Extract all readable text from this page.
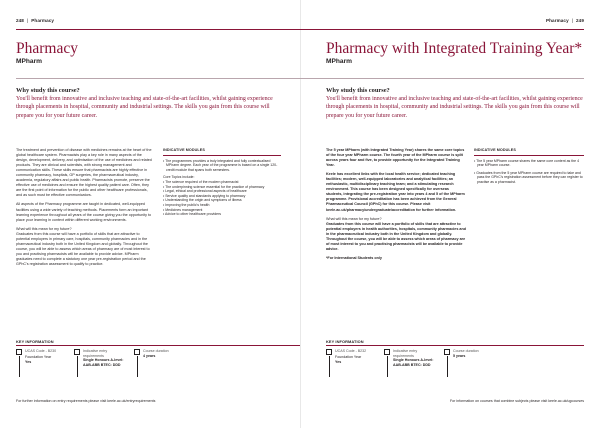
248 | Pharmacy
Pharmacy
MPharm
Why study this course?
You'll benefit from innovative and inclusive teaching and state-of-the-art facilities, whilst gaining experience through placements in hospital, community and industrial settings. The skills you gain from this course will prepare you for your future career.

The treatment and prevention of disease with medicines remains at the heart of the global healthcare system. Pharmacists play a key role in many aspects of the design, development, delivery, and optimisation of the use of medicines and related products. They are clinical and scientists, with strong management and communication skills. These skills ensure that pharmacists are highly effective in community pharmacy, hospitals, GP surgeries, the pharmaceutical industry, academia, regulatory affairs and public health. Pharmacists promote, preserve the effective use of medicines and ensure the highest quality patient care. Often, they are the first point of information for the public and other healthcare professionals, and as such must be effective communicators.

All aspects of the Pharmacy programme are taught in dedicated, well-equipped facilities using a wide variety of teaching methods. Placements form an important learning experience throughout all years of the course giving you the opportunity to place your learning in context within different working environments.

What will this mean for my future?

Graduates from this course will have a portfolio of skills that are attractive to potential employers in primary care, hospitals, community pharmacies and in the pharmaceutical industry both in the United Kingdom and globally. Throughout the course, you will be able to assess which areas of pharmacy are of most interest to you and practising pharmacists will be available to provide advice. MPharm graduates need to complete a statutory one year pre-registration period and the GPhC's registration assessment to qualify to practice.

INDICATIVE MODULES
• The programmes provides a truly integrated and fully contextualised MPharm degree. Each year of the programme is based on a single 120-credit module that spans both semesters.
Core Topics include:
• The science required of the modern pharmacist
• The underpinning science essential for the practice of pharmacy
• Legal, ethical and professional aspects of healthcare
• Service quality and standards applying to pharmacy
• Understanding the origin and symptoms of illness
• Improving the public's health
• Medicines management
• Advice to other healthcare providers
KEY INFORMATION
UCAS Code - B230
Foundation Year
Yes
Indicative entry requirements
Single Honours A-level: AAB-ABB BTEC: DDD
Course duration
4 years
For further information on entry requirements please visit keele.ac.uk/entryrequirements
Pharmacy | 249
Pharmacy with Integrated Training Year*
MPharm
Why study this course?
You'll benefit from innovative and inclusive teaching and state-of-the-art facilities, whilst gaining experience through placements in hospital, community and industrial settings. The skills you gain from this course will prepare you for your future career.

The 5 year MPharm (with Integrated Training Year) shares the same core topics of the four year MPharm course. The fourth year of the MPharm course is split across years four and five, to provide opportunity for the Integrated Training Year.

Keele has excellent links with the local health service; dedicated teaching facilities; modern, well-equipped laboratories and analytical facilities; an enthusiastic, multidisciplinary teaching team; and a stimulating research environment. This course has been designed specifically for overseas students, integrating the pre-registration year into years 4 and 5 of the MPharm programme. Provisional accreditation has been achieved from the General Pharmaceutical Council (GPhC) for this course. Please visit keele.ac.uk/pharmacy/undergraduate/accreditation for further information.

What will this mean for my future?

Graduates from this course will have a portfolio of skills that are attractive to potential employers in health authorities, hospitals, community pharmacies and in the pharmaceutical industry both in the United Kingdom and globally. Throughout the course, you will be able to assess which areas of pharmacy are of most interest to you and practising pharmacists will be available to provide advice.

*For International Students only

INDICATIVE MODULES
• The 5 year MPharm course shares the same core content as the 4 year MPharm course.
• Graduates from the 5 year MPharm course are required to take and pass the GPhC's registration assessment before they can register to practise as a pharmacist.
KEY INFORMATION
UCAS Code - B232
Foundation Year
Yes
Indicative entry requirements
Single Honours A-level: AAB-ABB BTEC: DDD
Course duration
5 years
For information on courses that combine subjects please visit keele.ac.uk/ugcourses
